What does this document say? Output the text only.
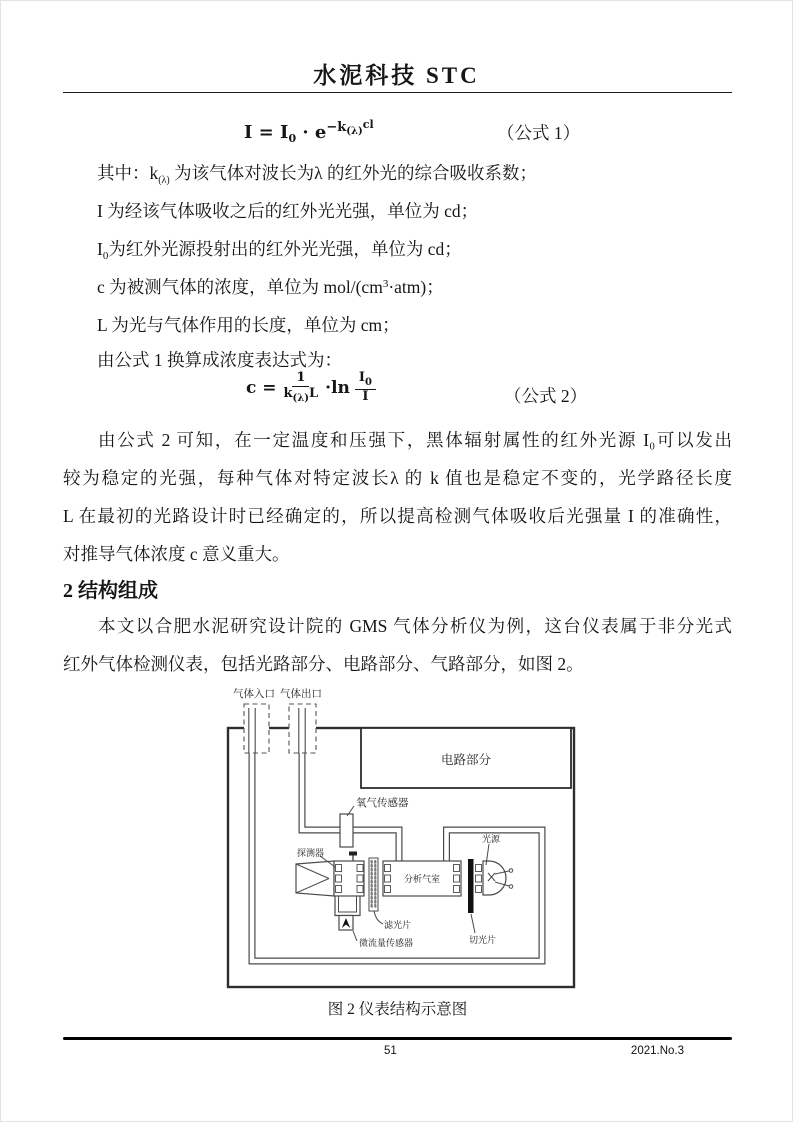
水泥科技 STC
$I = I_0 \cdot e^{-k_{(\lambda)}^{cl}}$	（公式 1）
其中：$k_{(\lambda)}$ 为该气体对波长为λ 的红外光的综合吸收系数；
I 为经该气体吸收之后的红外光光强，单位为 cd；
$I_0$为红外光源投射出的红外光光强，单位为 cd；
c 为被测气体的浓度，单位为 mol/$(cm^3\cdot atm)$；
L 为光与气体作用的长度，单位为 cm；
由公式 1 换算成浓度表达式为：
$c = \frac{1}{k_{(\lambda)}L} \cdot\ln \frac{I_0}{I}$	（公式 2）
由公式 2 可知，在一定温度和压强下，黑体辐射属性的红外光源 I₀可以发出
较为稳定的光强，每种气体对特定波长λ 的 k 值也是稳定不变的，光学路径长度
L 在最初的光路设计时已经确定的，所以提高检测气体吸收后光强量 I 的准确性，
对推导气体浓度 c 意义重大。
2 结构组成
本文以合肥水泥研究设计院的 GMS 气体分析仪为例，这台仪表属于非分光式
红外气体检测仪表，包括光路部分、电路部分、气路部分，如图 2。
电路部分
气体入口 气体出口
氧气传感器
探测器
微流量传感器
滤光片
分析气室
切光片
光源
图 2 仪表结构示意图
51	2021.No.3
